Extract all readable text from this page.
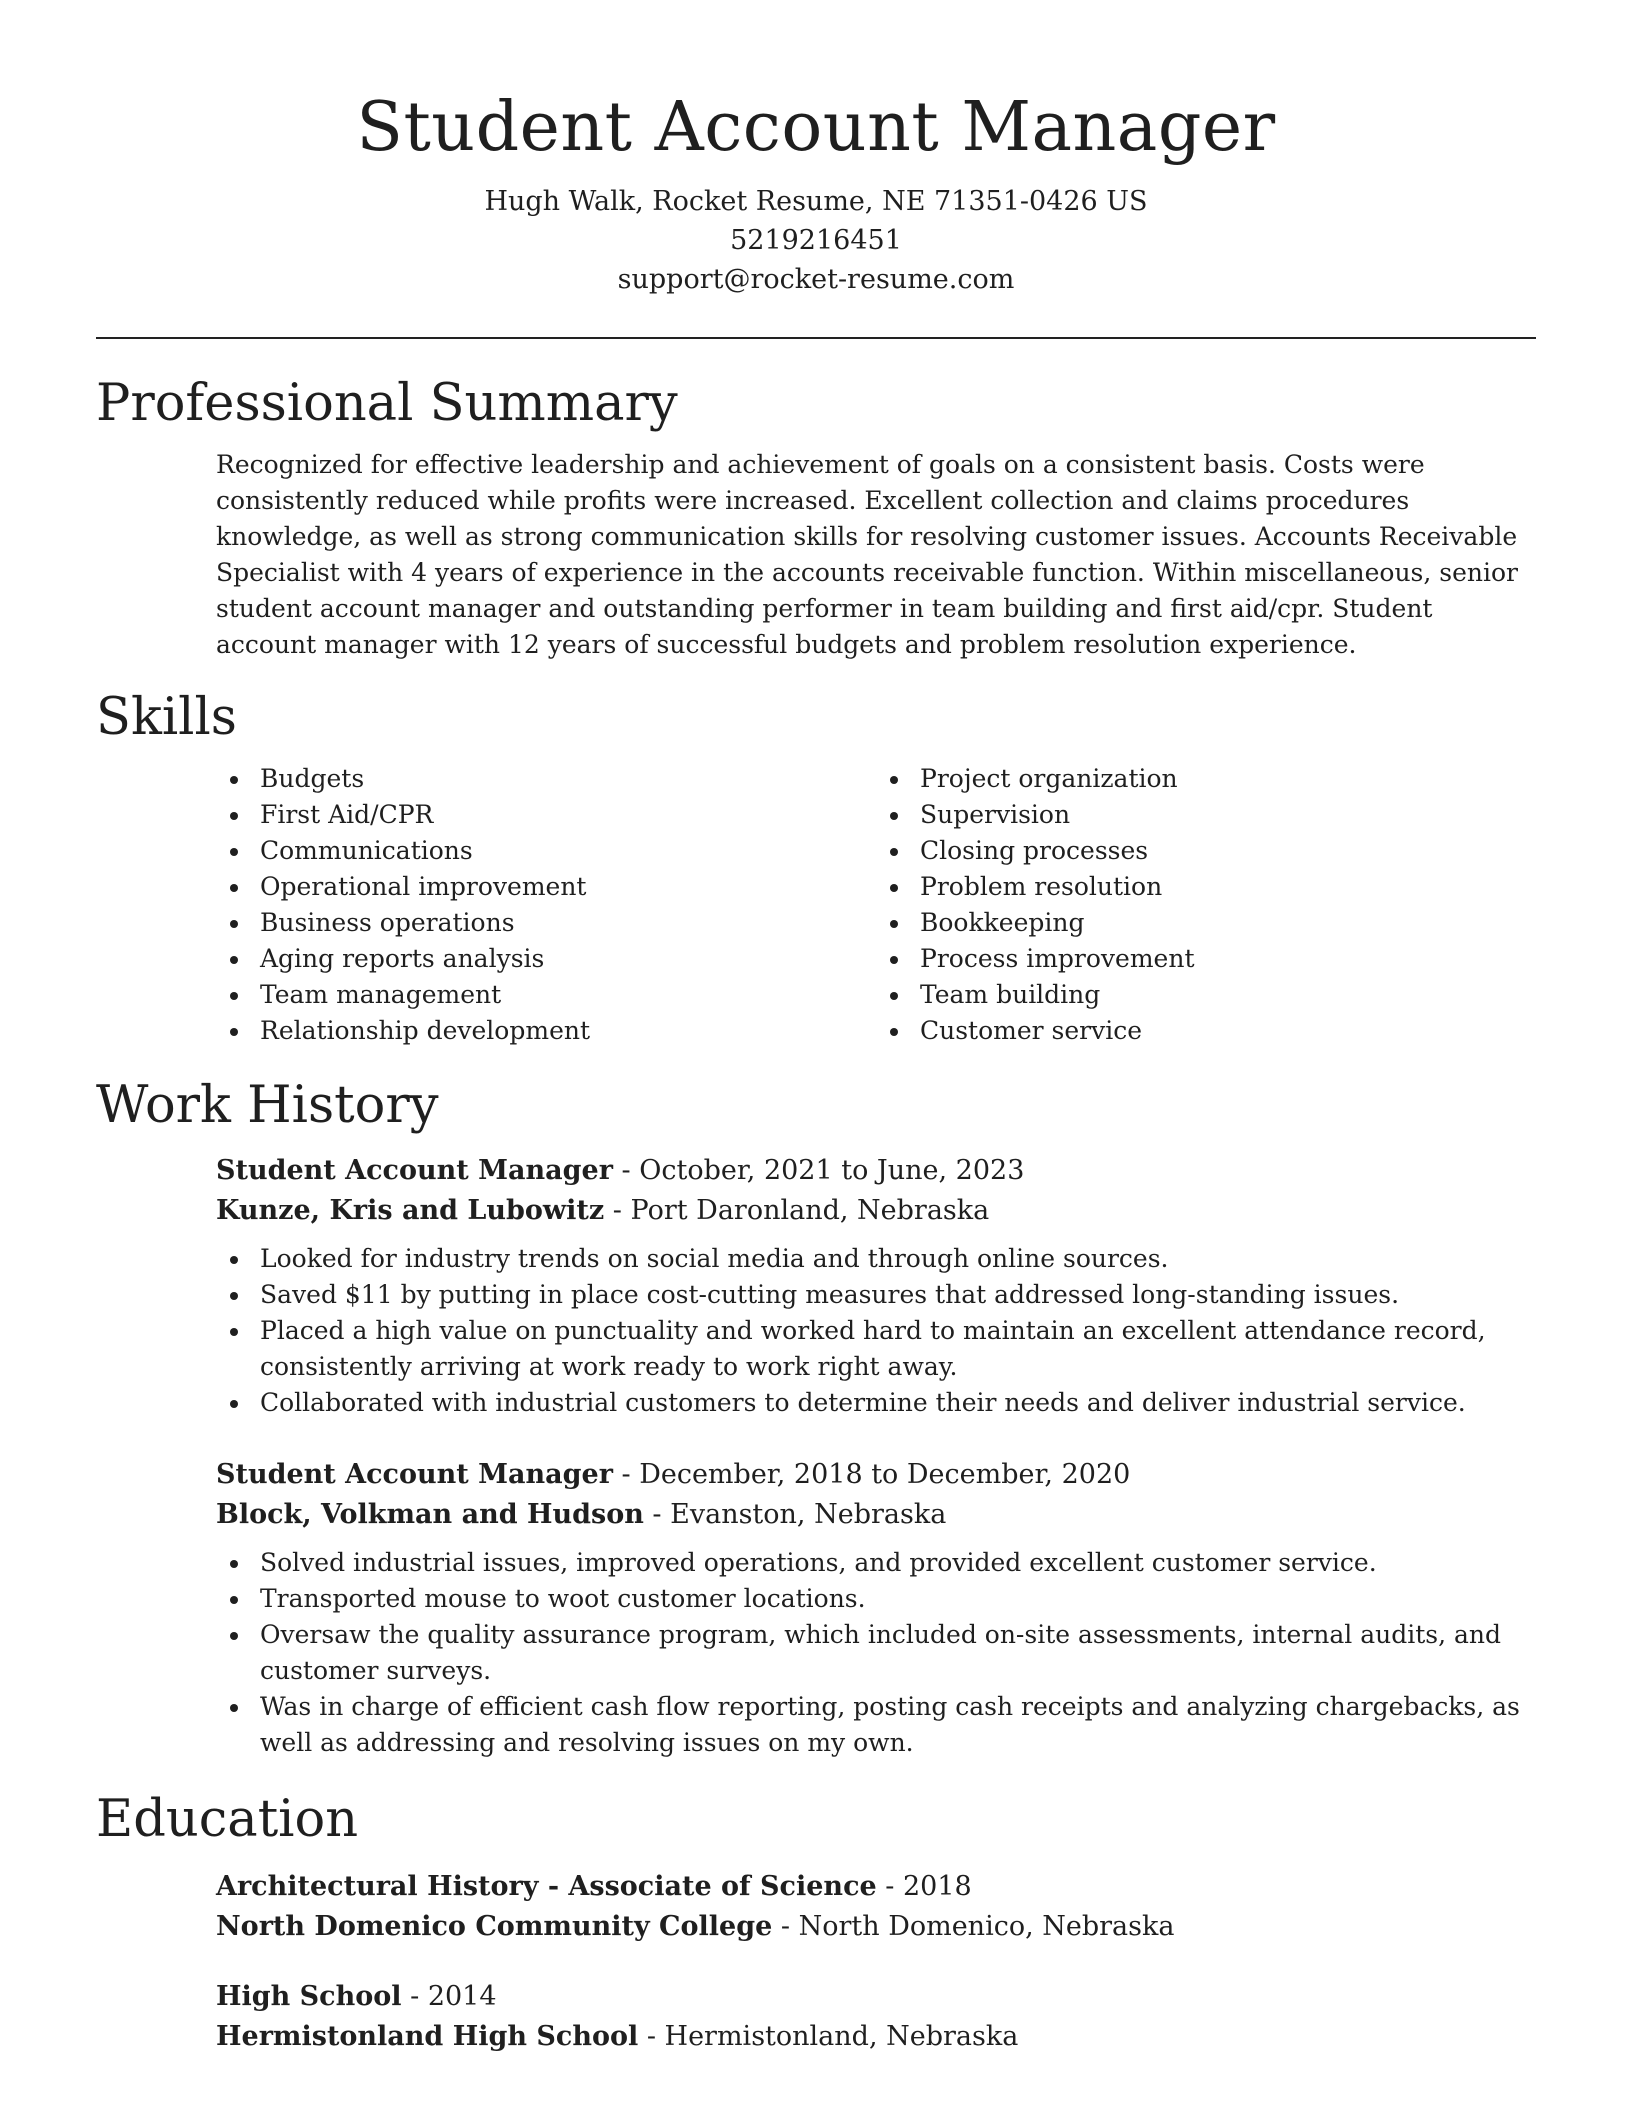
Student Account Manager

Hugh Walk, Rocket Resume, NE 71351-0426 US

5219216451

support@rocket-resume.com

Professional Summary

Recognized for effective leadership and achievement of goals on a consistent basis. Costs were consistently reduced while profits were increased. Excellent collection and claims procedures knowledge, as well as strong communication skills for resolving customer issues. Accounts Receivable Specialist with 4 years of experience in the accounts receivable function. Within miscellaneous, senior student account manager and outstanding performer in team building and first aid/cpr. Student account manager with 12 years of successful budgets and problem resolution experience.

Skills
Budgets
First Aid/CPR
Communications
Operational improvement
Business operations
Aging reports analysis
Team management
Relationship development
Project organization
Supervision
Closing processes
Problem resolution
Bookkeeping
Process improvement
Team building
Customer service
Work History

Student Account Manager - October, 2021 to June, 2023

Kunze, Kris and Lubowitz - Port Daronland, Nebraska

Looked for industry trends on social media and through online sources.
Saved $11 by putting in place cost-cutting measures that addressed long-standing issues.
Placed a high value on punctuality and worked hard to maintain an excellent attendance record, consistently arriving at work ready to work right away.
Collaborated with industrial customers to determine their needs and deliver industrial service.

Student Account Manager - December, 2018 to December, 2020

Block, Volkman and Hudson - Evanston, Nebraska

Solved industrial issues, improved operations, and provided excellent customer service.
Transported mouse to woot customer locations.
Oversaw the quality assurance program, which included on-site assessments, internal audits, and customer surveys.
Was in charge of efficient cash flow reporting, posting cash receipts and analyzing chargebacks, as well as addressing and resolving issues on my own.
Education

Architectural History - Associate of Science - 2018

North Domenico Community College - North Domenico, Nebraska

High School - 2014

Hermistonland High School - Hermistonland, Nebraska
